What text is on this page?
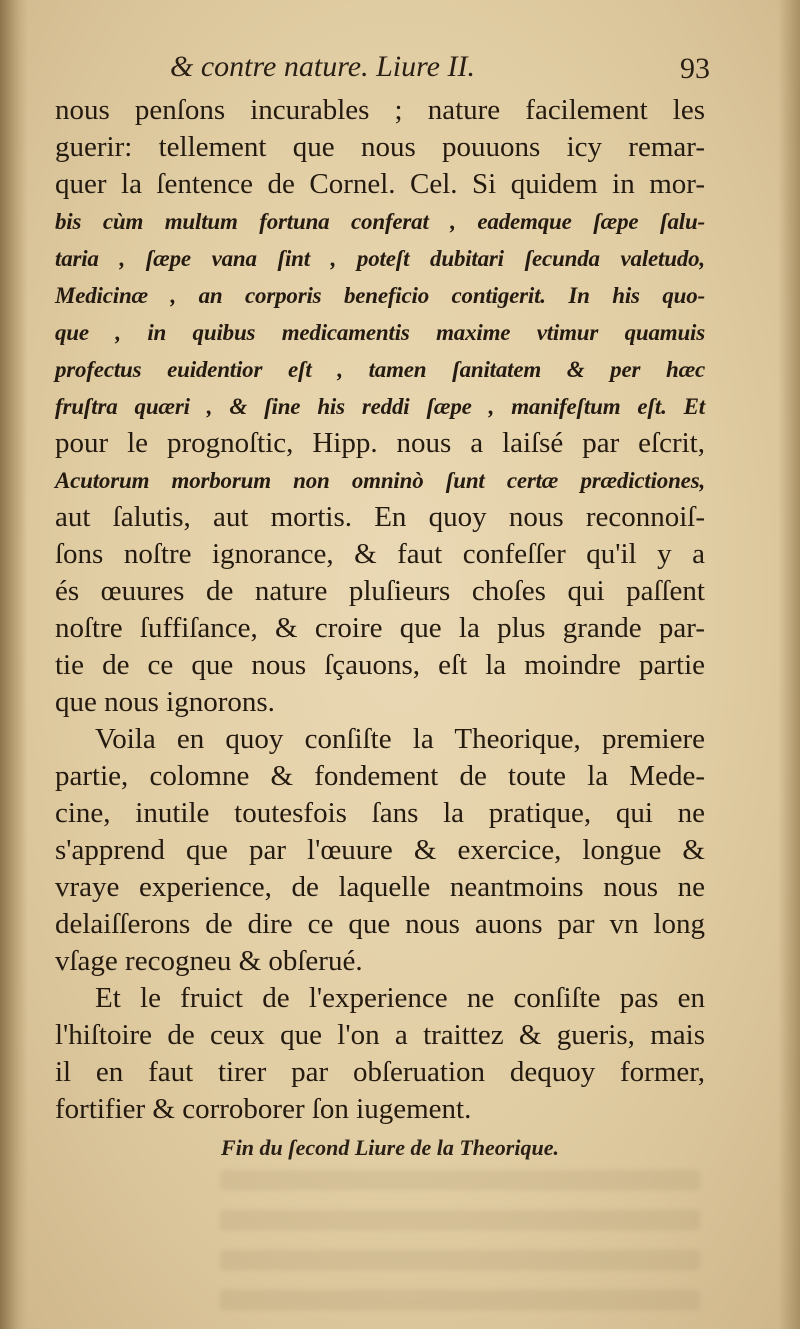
& contre nature. Liure II.	93
nous penſons incurables ; nature facilement les
guerir: tellement que nous pouuons icy remar-
quer la ſentence de Cornel. Cel. Si quidem in mor-
bis cùm multum fortuna conferat , eademque ſæpe ſalu-
taria , ſæpe vana ſint , poteſt dubitari ſecunda valetudo,
Medicinæ , an corporis beneficio contigerit. In his quo-
que , in quibus medicamentis maxime vtimur quamuis
profectus euidentior eſt , tamen ſanitatem & per hæc
fruſtra quæri , & ſine his reddi ſæpe , manifeſtum eſt. Et
pour le prognoſtic, Hipp. nous a laiſsé par eſcrit,
Acutorum morborum non omninò ſunt certæ prædictiones,
aut ſalutis, aut mortis. En quoy nous reconnoiſ-
ſons noſtre ignorance, & faut confeſſer qu'il y a
és œuures de nature pluſieurs choſes qui paſſent
noſtre ſuffiſance, & croire que la plus grande par-
tie de ce que nous ſçauons, eſt la moindre partie
que nous ignorons.
Voila en quoy conſiſte la Theorique, premiere
partie, colomne & fondement de toute la Mede-
cine, inutile toutesfois ſans la pratique, qui ne
s'apprend que par l'œuure & exercice, longue &
vraye experience, de laquelle neantmoins nous ne
delaiſſerons de dire ce que nous auons par vn long
vſage recogneu & obſerué.
Et le fruict de l'experience ne conſiſte pas en
l'hiſtoire de ceux que l'on a traittez & gueris, mais
il en faut tirer par obſeruation dequoy former,
fortifier & corroborer ſon iugement.
Fin du ſecond Liure de la Theorique.
